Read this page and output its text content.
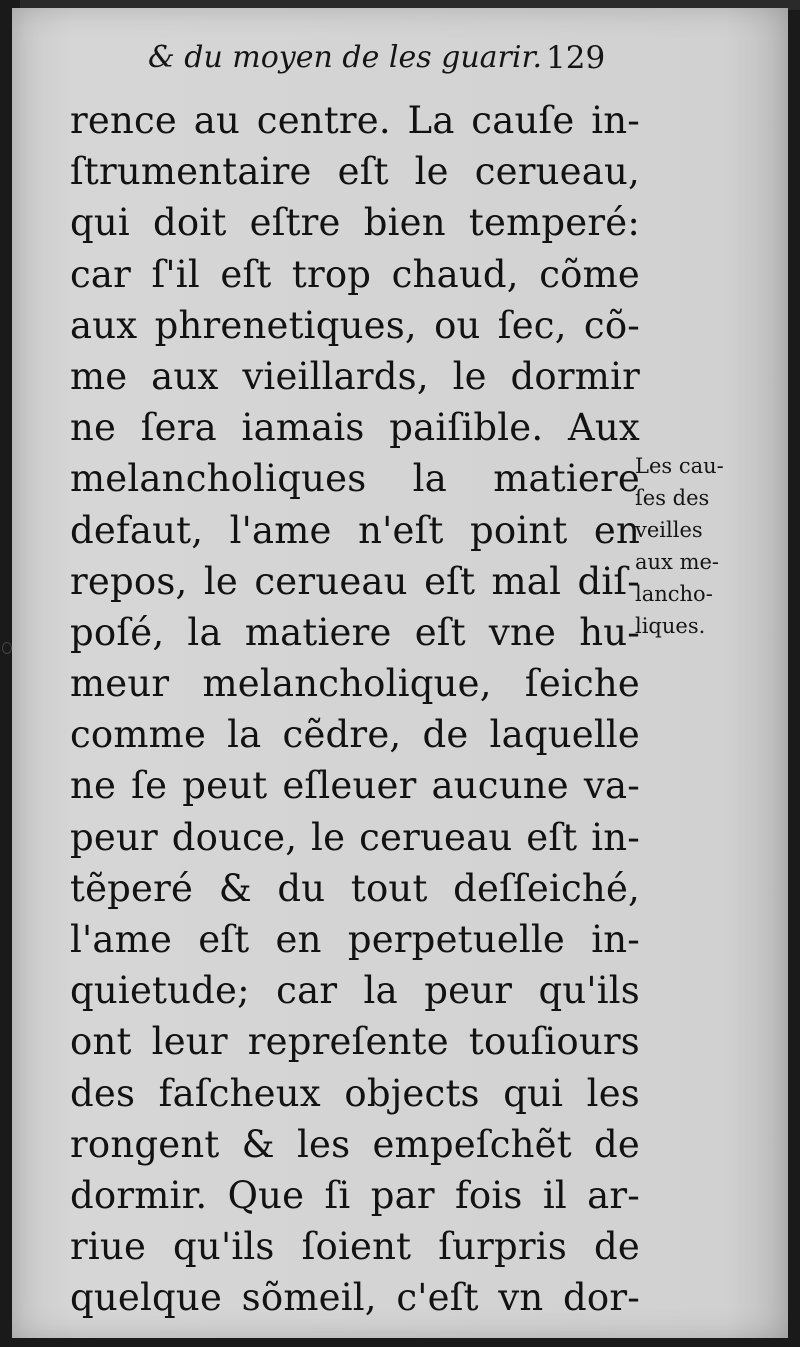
& du moyen de les guarir. 129
rence au centre. La cauſe in-
ſtrumentaire eſt le cerueau,
qui doit eſtre bien temperé:
car ſ'il eſt trop chaud, cõme
aux phrenetiques, ou ſec, cõ-
me aux vieillards, le dormir
ne ſera iamais paiſible. Aux
melancholiques la matiere
defaut, l'ame n'eſt point en
repos, le cerueau eſt mal diſ-
poſé, la matiere eſt vne hu-
meur melancholique, ſeiche
comme la cẽdre, de laquelle
ne ſe peut eſleuer aucune va-
peur douce, le cerueau eſt in-
tẽperé & du tout deſſeiché,
l'ame eſt en perpetuelle in-
quietude; car la peur qu'ils
ont leur repreſente touſiours
des faſcheux objects qui les
rongent & les empeſchẽt de
dormir. Que ſi par fois il ar-
riue qu'ils ſoient ſurpris de
quelque sõmeil, c'eſt vn dor-
Les cau-
ſes des
veilles
aux me-
lancho-
liques.
